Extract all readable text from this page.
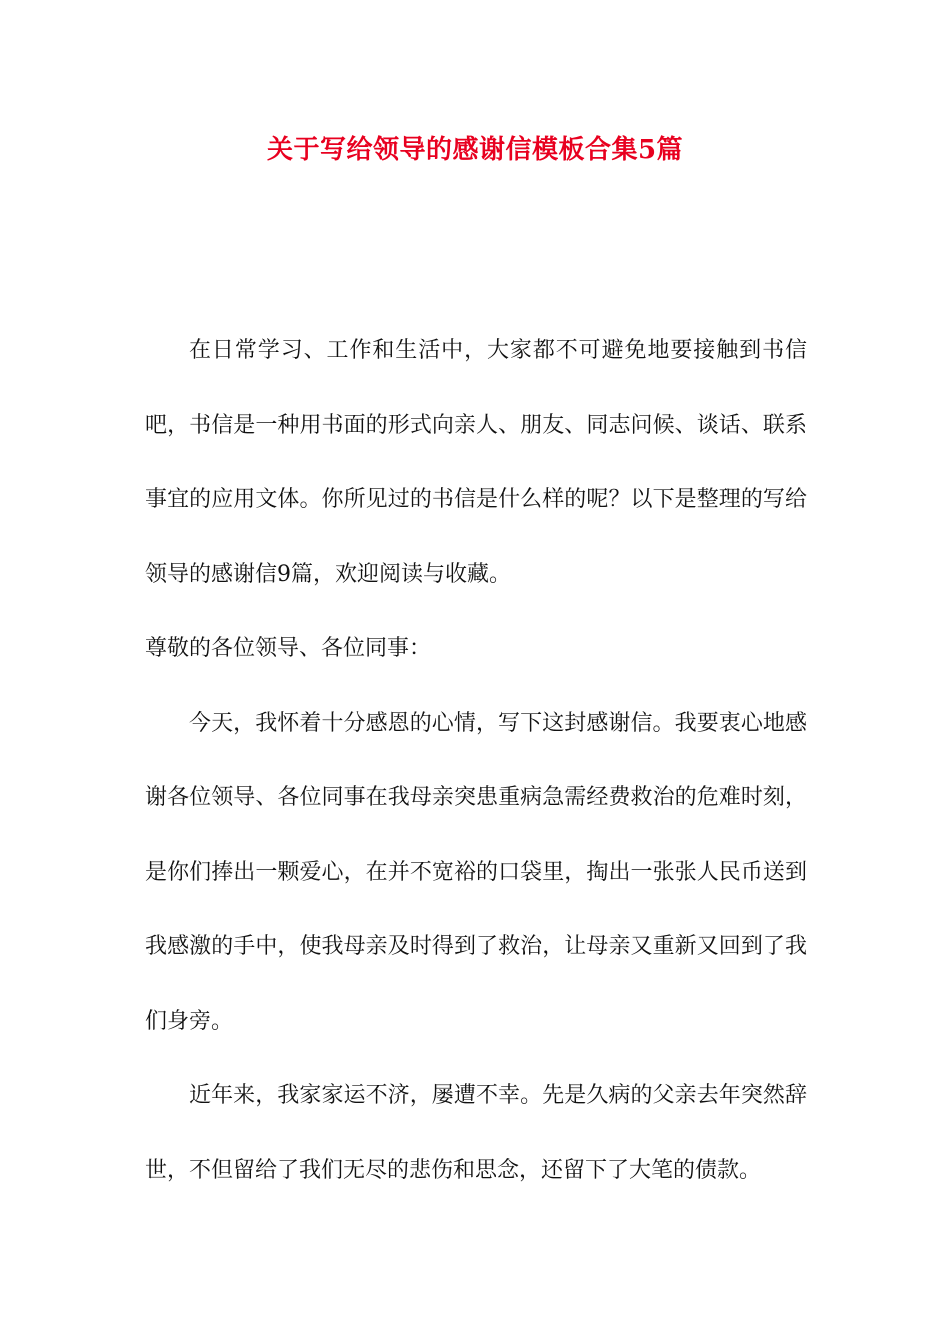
关于写给领导的感谢信模板合集5篇

在日常学习、工作和生活中，大家都不可避免地要接触到书信吧，书信是一种用书面的形式向亲人、朋友、同志问候、谈话、联系事宜的应用文体。你所见过的书信是什么样的呢？以下是整理的写给领导的感谢信9篇，欢迎阅读与收藏。

尊敬的各位领导、各位同事：

今天，我怀着十分感恩的心情，写下这封感谢信。我要衷心地感谢各位领导、各位同事在我母亲突患重病急需经费救治的危难时刻，是你们捧出一颗爱心，在并不宽裕的口袋里，掏出一张张人民币送到我感激的手中，使我母亲及时得到了救治，让母亲又重新又回到了我们身旁。

近年来，我家家运不济，屡遭不幸。先是久病的父亲去年突然辞世，不但留给了我们无尽的悲伤和思念，还留下了大笔的债款。
